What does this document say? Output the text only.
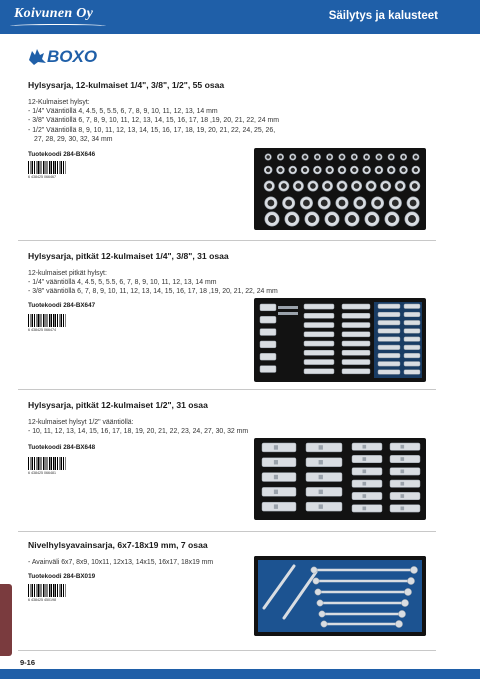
Koivunen Oy	Säilytys ja kalusteet
BOXO
Hylsysarja, 12-kulmaiset 1/4", 3/8", 1/2", 55 osaa
12-Kulmaiset hylsyt:
- 1/4" Vääntiöllä 4, 4.5, 5, 5.5, 6, 7, 8, 9, 10, 11, 12, 13, 14 mm
- 3/8" Vääntiöllä 6, 7, 8, 9, 10, 11, 12, 13, 14, 15, 16, 17, 18 ,19, 20, 21, 22, 24 mm
- 1/2" Vääntiöllä 8, 9, 10, 11, 12, 13, 14, 15, 16, 17, 18, 19, 20, 21, 22, 24, 25, 26,
27, 28, 29, 30, 32, 34 mm
Tuotekoodi 284-BX646
6 438425 066467
Hylsysarja, pitkät 12-kulmaiset 1/4", 3/8", 31 osaa
12-kulmaiset pitkät hylsyt:
- 1/4" vääntiöllä 4, 4.5, 5, 5.5, 6, 7, 8, 9, 10, 11, 12, 13, 14 mm
- 3/8" vääntiöllä 6, 7, 8, 9, 10, 11, 12, 13, 14, 15, 16, 17, 18 ,19, 20, 21, 22, 24 mm
Tuotekoodi 284-BX647
6 438425 066474
Hylsysarja, pitkät 12-kulmaiset 1/2", 31 osaa
12-kulmaiset hylsyt 1/2" vääntiöllä:
- 10, 11, 12, 13, 14, 15, 16, 17, 18, 19, 20, 21, 22, 23, 24, 27, 30, 32 mm
Tuotekoodi 284-BX648
6 438425 066481
Nivelhylsyavainsarja, 6x7-18x19 mm, 7 osaa
- Avainväli 6x7, 8x9, 10x11, 12x13, 14x15, 16x17, 18x19 mm
Tuotekoodi 284-BX019
6 438425 450198
9-16
